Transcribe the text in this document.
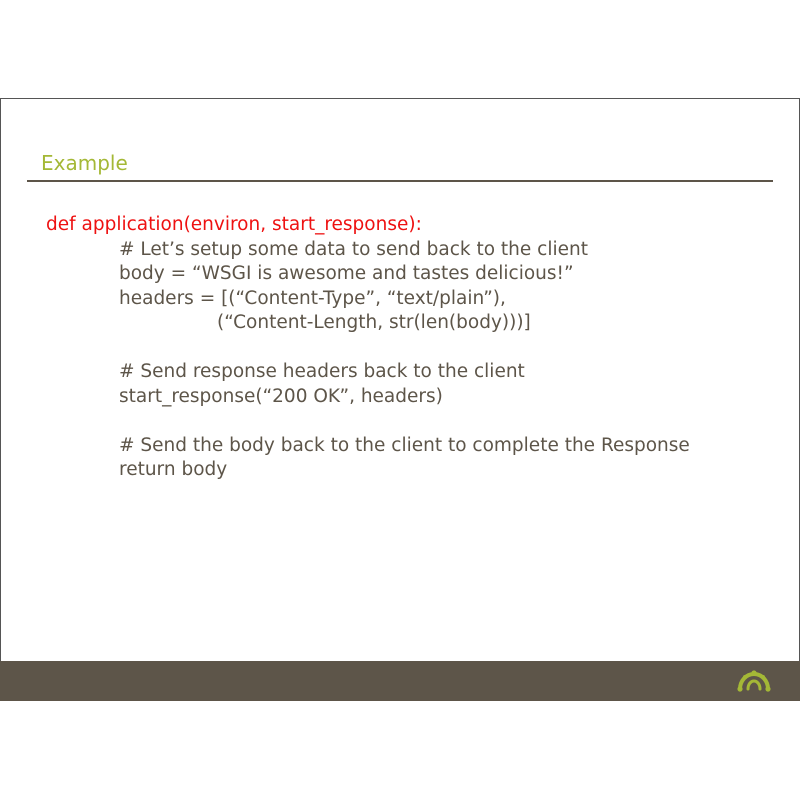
Example
def application(environ, start_response):
# Let’s setup some data to send back to the client
body = “WSGI is awesome and tastes delicious!”
headers = [(“Content-Type”, “text/plain”),
(“Content-Length, str(len(body)))]
# Send response headers back to the client
start_response(“200 OK”, headers)
# Send the body back to the client to complete the Response
return body
